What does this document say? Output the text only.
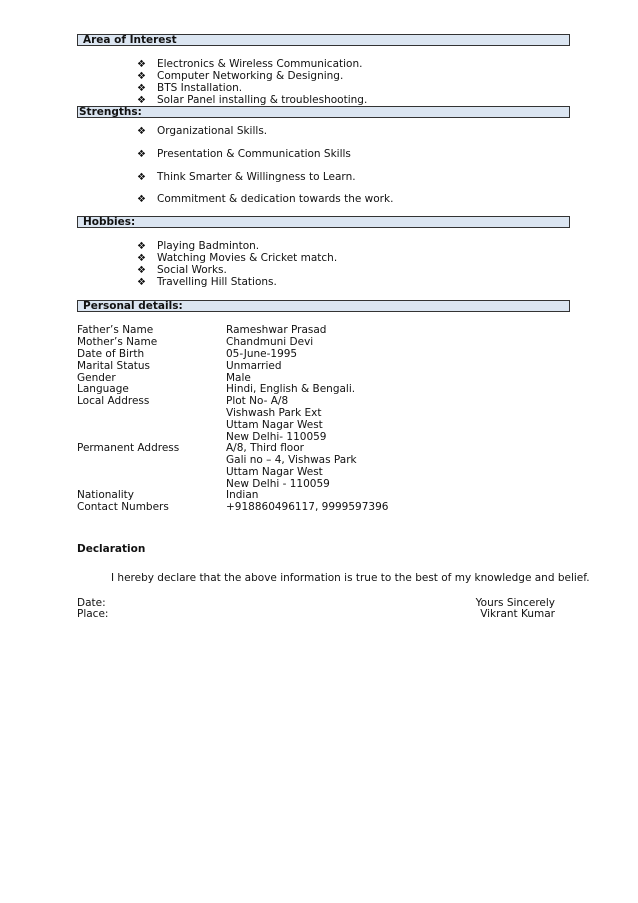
Area of Interest
❖ Electronics & Wireless Communication.
❖ Computer Networking & Designing.
❖ BTS Installation.
❖ Solar Panel installing & troubleshooting.
Strengths:
❖ Organizational Skills.
❖ Presentation & Communication Skills
❖ Think Smarter & Willingness to Learn.
❖ Commitment & dedication towards the work.
Hobbies:
❖ Playing Badminton.
❖ Watching Movies & Cricket match.
❖ Social Works.
❖ Travelling Hill Stations.
Personal details:
Father’s Name	Rameshwar Prasad
Mother’s Name	Chandmuni Devi
Date of Birth	05-June-1995
Marital Status	Unmarried
Gender	Male
Language	Hindi, English & Bengali.
Local Address	Plot No- A/8
Vishwash Park Ext
Uttam Nagar West
New Delhi- 110059
Permanent Address	A/8, Third floor
Gali no – 4, Vishwas Park
Uttam Nagar West
New Delhi - 110059
Nationality	Indian
Contact Numbers	+918860496117, 9999597396
Declaration
I hereby declare that the above information is true to the best of my knowledge and belief.
Date:
Place:
Yours Sincerely
Vikrant Kumar
